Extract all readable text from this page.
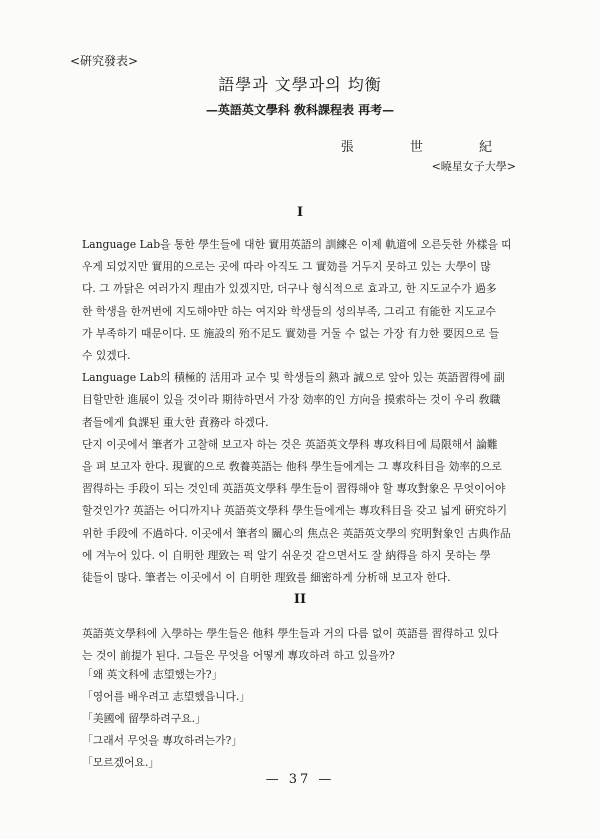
<硏究發表>
語學과 文學과의 均衡
—英語英文學科 敎科課程表 再考—
張 世 紀
<曉星女子大學>
I

Language Lab을 통한 學生들에 대한 實用英語의 訓練은 이제 軌道에 오른듯한 外樣을 띠

우게 되었지만 實用的으로는 곳에 따라 아직도 그 實効를 거두지 못하고 있는 大學이 많

다. 그 까닭은 여러가지 理由가 있겠지만, 더구나 형식적으로 효과고, 한 지도교수가 過多

한 학생을 한꺼번에 지도해야만 하는 여지와 학생들의 성의부족, 그리고 有能한 지도교수

가 부족하기 때문이다. 또 施設의 殆不足도 實効를 거둘 수 없는 가장 有力한 要因으로 들

수 있겠다.

Language Lab의 積極的 活用과 교수 및 학생들의 熱과 誠으로 앞아 있는 英語習得에 副

目할만한 進展이 있을 것이라 期待하면서 가장 効率的인 方向을 摸索하는 것이 우리 敎職

者들에게 負課된 重大한 責務라 하겠다.

단지 이곳에서 筆者가 고찰해 보고자 하는 것은 英語英文學科 專攻科目에 局限해서 論難

을 펴 보고자 한다. 現實的으로 敎養英語는 他科 學生들에게는 그 專攻科目을 効率的으로

習得하는 手段이 되는 것인데 英語英文學科 學生들이 習得해야 할 專攻對象은 무엇이어야

할것인가? 英語는 어디까지나 英語英文學科 學生들에게는 專攻科目을 갖고 넓게 硏究하기

위한 手段에 不過하다. 이곳에서 筆者의 關心의 焦点은 英語英文學의 究明對象인 古典作品

에 겨누어 있다. 이 自明한 理致는 퍽 알기 쉬운것 같으면서도 잘 納得을 하지 못하는 學

徒들이 많다. 筆者는 이곳에서 이 自明한 理致를 細密하게 分析해 보고자 한다.

II

英語英文學科에 入學하는 學生들은 他科 學生들과 거의 다름 없이 英語를 習得하고 있다

는 것이 前提가 된다. 그들은 무엇을 어떻게 專攻하려 하고 있을까?

「왜 英文科에 志望했는가?」
「영어를 배우려고 志望했읍니다.」
「美國에 留學하려구요.」
「그래서 무엇을 專攻하려는가?」
「모르겠어요.」
— 37 —
